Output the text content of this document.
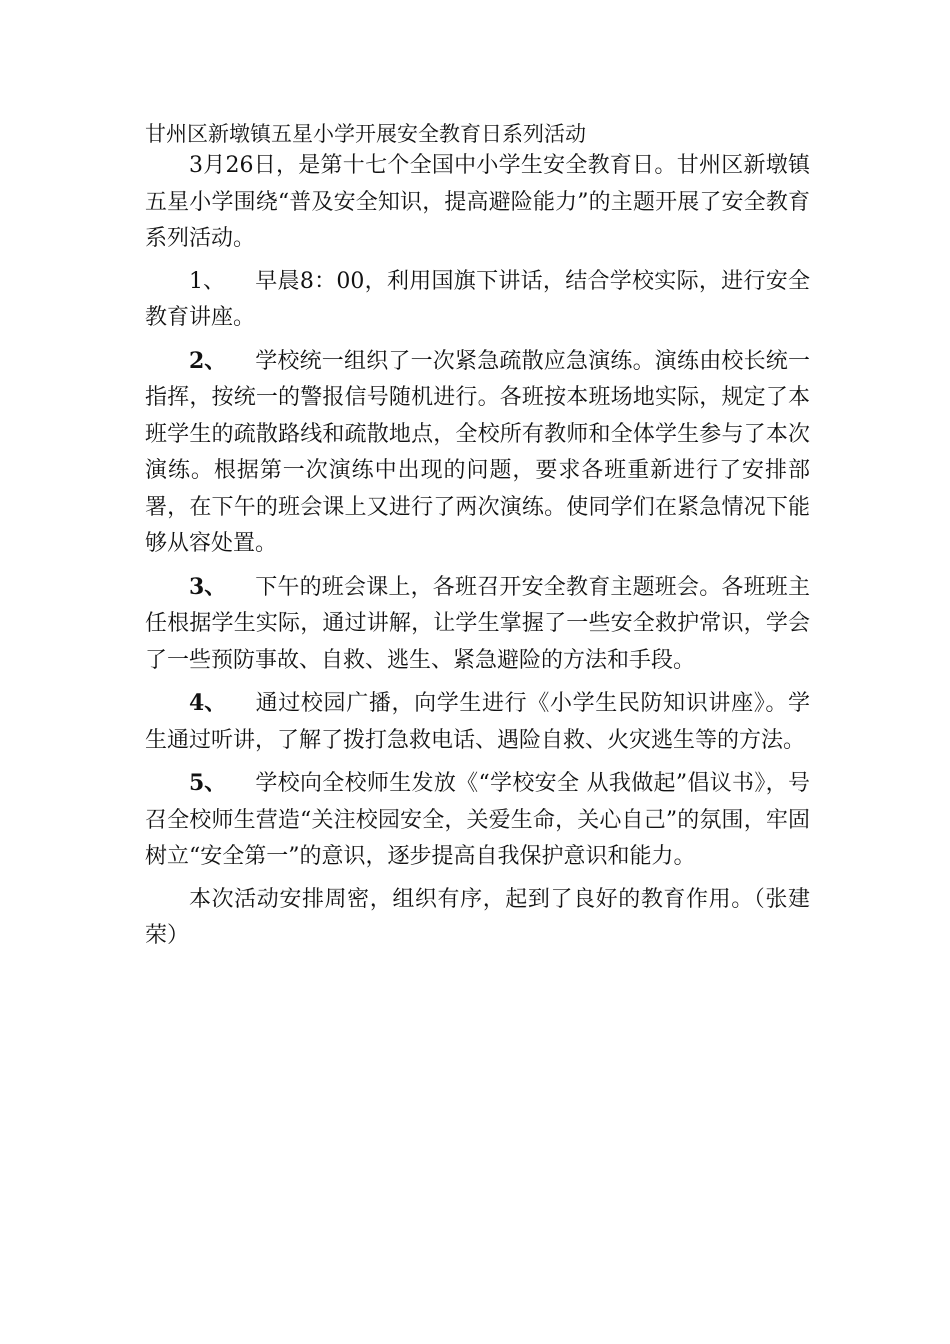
甘州区新墩镇五星小学开展安全教育日系列活动

3月26日，是第十七个全国中小学生安全教育日。甘州区新墩镇五星小学围绕“普及安全知识，提高避险能力”的主题开展了安全教育系列活动。

1、 早晨8：00，利用国旗下讲话，结合学校实际，进行安全教育讲座。

2、 学校统一组织了一次紧急疏散应急演练。演练由校长统一指挥，按统一的警报信号随机进行。各班按本班场地实际，规定了本班学生的疏散路线和疏散地点，全校所有教师和全体学生参与了本次演练。根据第一次演练中出现的问题，要求各班重新进行了安排部署，在下午的班会课上又进行了两次演练。使同学们在紧急情况下能够从容处置。

3、 下午的班会课上，各班召开安全教育主题班会。各班班主任根据学生实际，通过讲解，让学生掌握了一些安全救护常识，学会了一些预防事故、自救、逃生、紧急避险的方法和手段。

4、 通过校园广播，向学生进行《小学生民防知识讲座》。学生通过听讲，了解了拨打急救电话、遇险自救、火灾逃生等的方法。

5、 学校向全校师生发放《“学校安全 从我做起”倡议书》，号召全校师生营造“关注校园安全，关爱生命，关心自己”的氛围，牢固树立“安全第一”的意识，逐步提高自我保护意识和能力。

本次活动安排周密，组织有序，起到了良好的教育作用。（张建荣）
